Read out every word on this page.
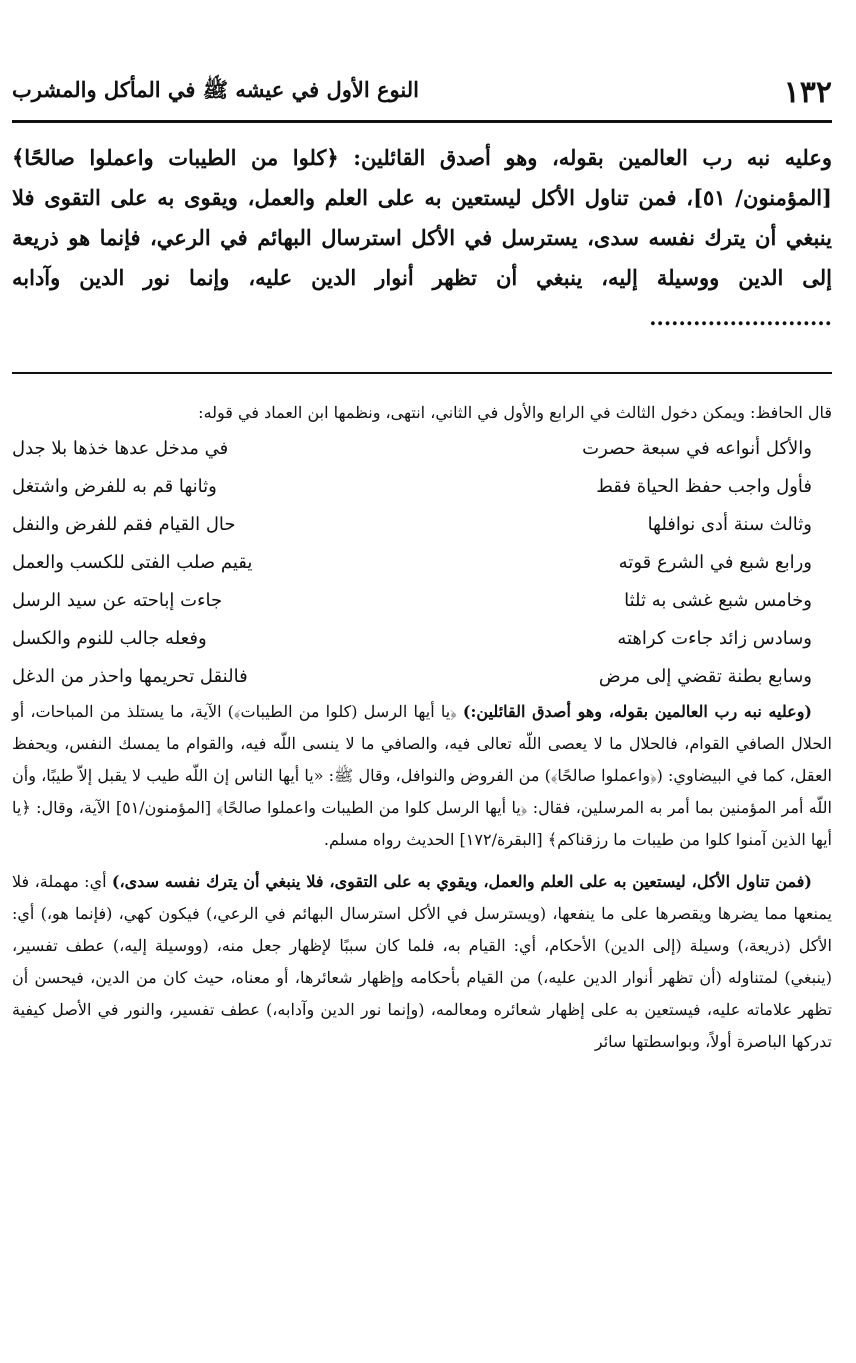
١٣٢
النوع الأول في عيشه ﷺ في المأكل والمشرب

وعليه نبه رب العالمين بقوله، وهو أصدق القائلين: ﴿كلوا من الطيبات واعملوا صالحًا﴾ [المؤمنون/ ٥١]، فمن تناول الأكل ليستعين به على العلم والعمل، ويقوى به على التقوى فلا ينبغي أن يترك نفسه سدى، يسترسل في الأكل استرسال البهائم في الرعي، فإنما هو ذريعة إلى الدين ووسيلة إليه، ينبغي أن تظهر أنوار الدين عليه، وإنما نور الدين وآدابه .........................

قال الحافظ: ويمكن دخول الثالث في الرابع والأول في الثاني، انتهى، ونظمها ابن العماد في قوله:

والأكل أنواعه في سبعة حصرت
في مدخل عدها خذها بلا جدل
فأول واجب حفظ الحياة فقط
وثانها قم به للفرض واشتغل
وثالث سنة أدى نوافلها
حال القيام فقم للفرض والنفل
ورابع شبع في الشرع قوته
يقيم صلب الفتى للكسب والعمل
وخامس شبع غشى به ثلثا
جاءت إباحته عن سيد الرسل
وسادس زائد جاءت كراهته
وفعله جالب للنوم والكسل
وسابع بطنة تقضي إلى مرض
فالنقل تحريمها واحذر من الدغل

(وعليه نبه رب العالمين بقوله، وهو أصدق القائلين:) ﴿يا أيها الرسل (كلوا من الطيبات﴾) الآية، ما يستلذ من المباحات، أو الحلال الصافي القوام، فالحلال ما لا يعصى اللّه تعالى فيه، والصافي ما لا ينسى اللّه فيه، والقوام ما يمسك النفس، ويحفظ العقل، كما في البيضاوي: (﴿واعملوا صالحًا﴾) من الفروض والنوافل، وقال ﷺ: «يا أيها الناس إن اللّه طيب لا يقبل إلاّ طيبًا، وأن اللّه أمر المؤمنين بما أمر به المرسلين، فقال: ﴿يا أيها الرسل كلوا من الطيبات واعملوا صالحًا﴾ [المؤمنون/٥١] الآية، وقال: ﴿يا أيها الذين آمنوا كلوا من طيبات ما رزقناكم﴾ [البقرة/١٧٢] الحديث رواه مسلم.

(فمن تناول الأكل، ليستعين به على العلم والعمل، ويقوي به على التقوى، فلا ينبغي أن يترك نفسه سدى،) أي: مهملة، فلا يمنعها مما يضرها ويقصرها على ما ينفعها، (ويسترسل في الأكل استرسال البهائم في الرعي،) فيكون كهي، (فإنما هو،) أي: الأكل (ذريعة،) وسيلة (إلى الدين) الأحكام، أي: القيام به، فلما كان سببًا لإظهار جعل منه، (ووسيلة إليه،) عطف تفسير، (ينبغي) لمتناوله (أن تظهر أنوار الدين عليه،) من القيام بأحكامه وإظهار شعائرها، أو معناه، حيث كان من الدين، فيحسن أن تظهر علاماته عليه، فيستعين به على إظهار شعائره ومعالمه، (وإنما نور الدين وآدابه،) عطف تفسير، والنور في الأصل كيفية تدركها الباصرة أولاً، وبواسطتها سائر
